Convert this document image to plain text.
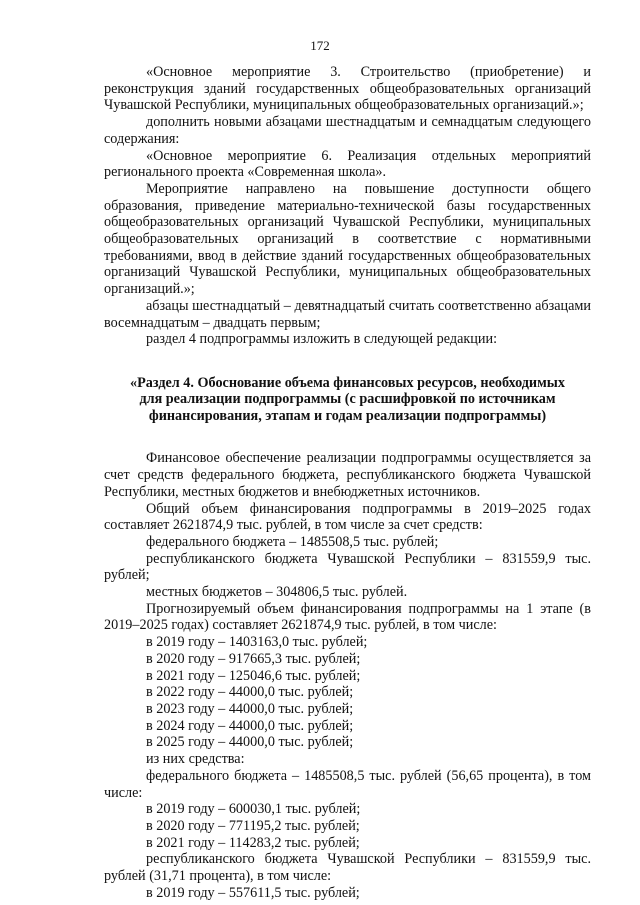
172

«Основное мероприятие 3. Строительство (приобретение) и реконструкция зданий государственных общеобразовательных организаций Чувашской Республики, муниципальных общеобразовательных организаций.»;

дополнить новыми абзацами шестнадцатым и семнадцатым следующего содержания:

«Основное мероприятие 6. Реализация отдельных мероприятий регионального проекта «Современная школа».

Мероприятие направлено на повышение доступности общего образования, приведение материально-технической базы государственных общеобразовательных организаций Чувашской Республики, муниципальных общеобразовательных организаций в соответствие с нормативными требованиями, ввод в действие зданий государственных общеобразовательных организаций Чувашской Республики, муниципальных общеобразовательных организаций.»;

абзацы шестнадцатый – девятнадцатый считать соответственно абзацами восемнадцатым – двадцать первым;

раздел 4 подпрограммы изложить в следующей редакции:

«Раздел 4. Обоснование объема финансовых ресурсов, необходимых
для реализации подпрограммы (с расшифровкой по источникам
финансирования, этапам и годам реализации подпрограммы)

Финансовое обеспечение реализации подпрограммы осуществляется за счет средств федерального бюджета, республиканского бюджета Чувашской Республики, местных бюджетов и внебюджетных источников.

Общий объем финансирования подпрограммы в 2019–2025 годах составляет 2621874,9 тыс. рублей, в том числе за счет средств:

федерального бюджета – 1485508,5 тыс. рублей;

республиканского бюджета Чувашской Республики – 831559,9 тыс. рублей;

местных бюджетов – 304806,5 тыс. рублей.

Прогнозируемый объем финансирования подпрограммы на 1 этапе (в 2019–2025 годах) составляет 2621874,9 тыс. рублей, в том числе:

в 2019 году – 1403163,0 тыс. рублей;

в 2020 году – 917665,3 тыс. рублей;

в 2021 году – 125046,6 тыс. рублей;

в 2022 году – 44000,0 тыс. рублей;

в 2023 году – 44000,0 тыс. рублей;

в 2024 году – 44000,0 тыс. рублей;

в 2025 году – 44000,0 тыс. рублей;

из них средства:

федерального бюджета – 1485508,5 тыс. рублей (56,65 процента), в том числе:

в 2019 году – 600030,1 тыс. рублей;

в 2020 году – 771195,2 тыс. рублей;

в 2021 году – 114283,2 тыс. рублей;

республиканского бюджета Чувашской Республики – 831559,9 тыс. рублей (31,71 процента), в том числе:

в 2019 году – 557611,5 тыс. рублей;
